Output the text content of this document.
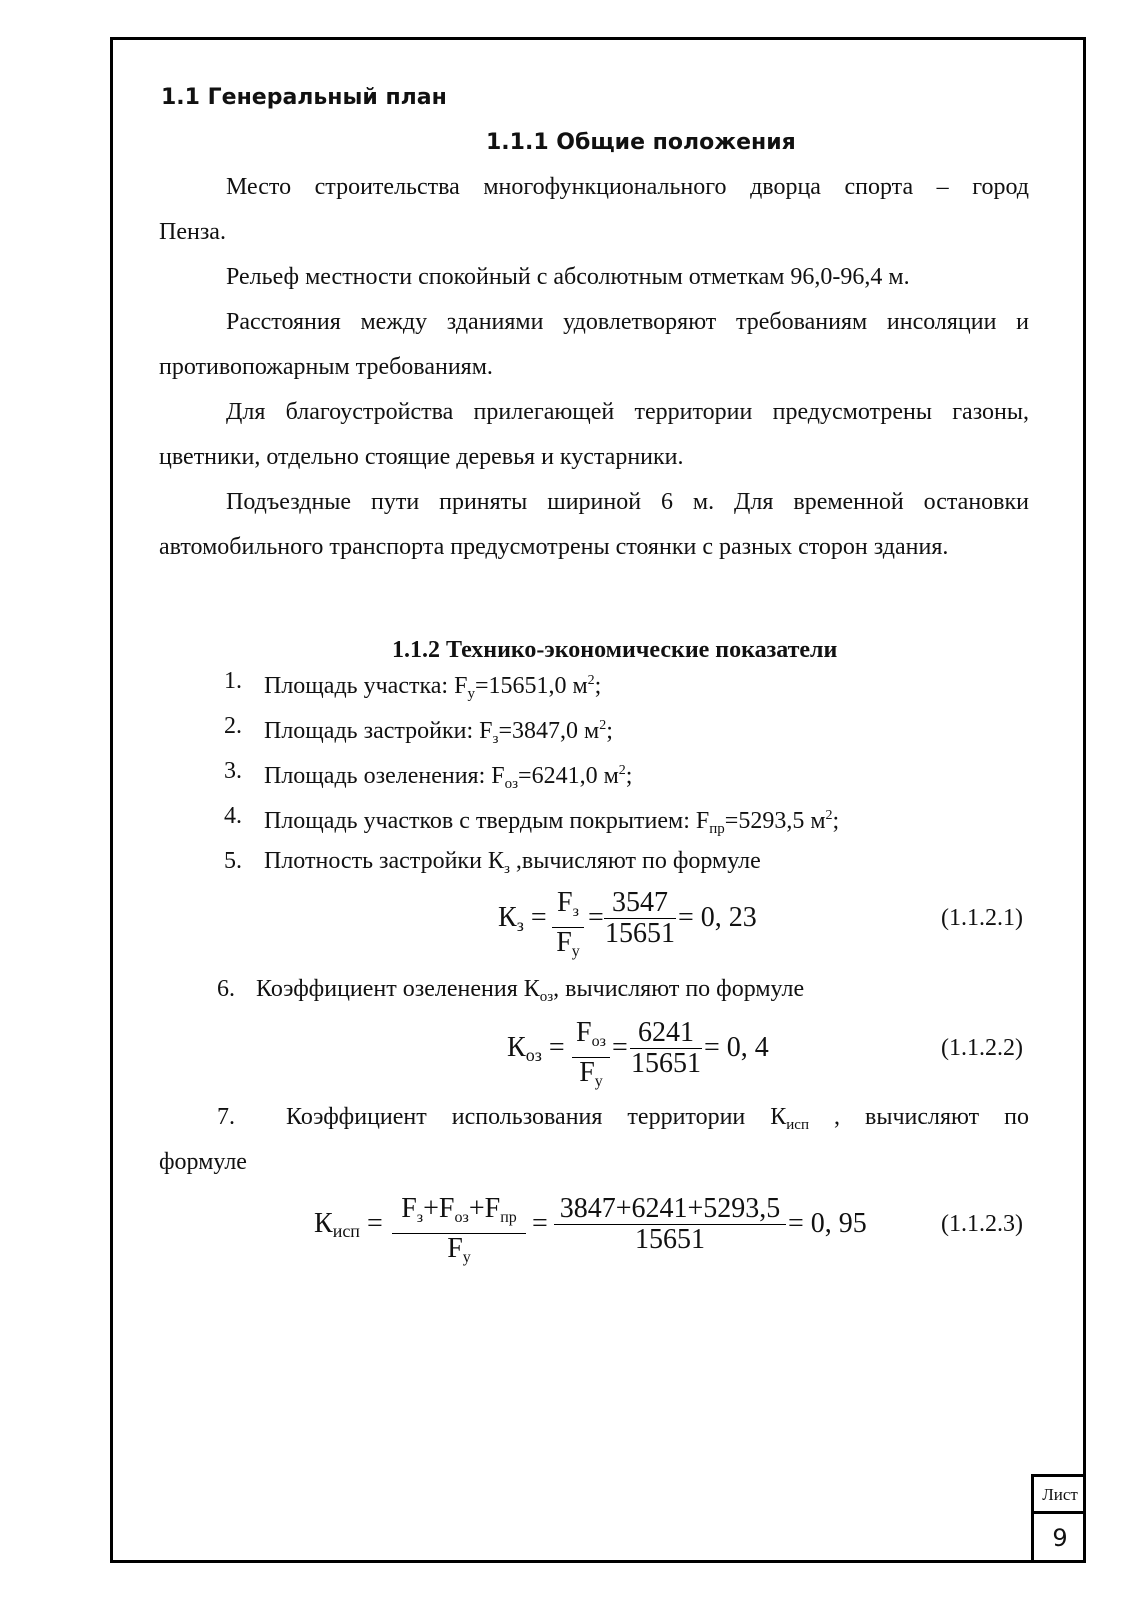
1.1 Генеральный план
1.1.1 Общие положения
Место строительства многофункционального дворца спорта – город
Пенза.
Рельеф местности спокойный с абсолютным отметкам 96,0-96,4 м.
Расстояния между зданиями удовлетворяют требованиям инсоляции и
противопожарным требованиям.
Для благоустройства прилегающей территории предусмотрены газоны,
цветники, отдельно стоящие деревья и кустарники.
Подъездные пути приняты шириной 6 м. Для временной остановки
автомобильного транспорта предусмотрены стоянки с разных сторон здания.
1.1.2 Технико-экономические показатели
1. Площадь участка: $F_у=15651,0$ $м^2$;
2. Площадь застройки: $F_з=3847,0$ $м^2$;
3. Площадь озеленения: $F_{оз}=6241,0$ $м^2$;
4. Площадь участков с твердым покрытием: $F_{пр}=5293,5$ $м^2$;
5. Плотность застройки $К_з$ ,вычисляют по формуле
$К_з = F_з$
$F_у$
= $\frac{3547}{15651} = 0$, 23	(1.1.2.1)
6. Коэффициент озеленения $К_{оз}$, вычисляют по формуле
$К_{оз} = F_{оз}$
$F_у$
= $\frac{6241}{15651} = 0$, 4	(1.1.2.2)
7. Коэффициент использования территории $К_{исп}$ , вычисляют по
формуле
$К_{исп} = F_з+F_{оз}+F_{пр}$
$F_у$
= $\frac{3847+6241+5293,5}{15651} = 0$, 95	(1.1.2.3)
Лист
9
